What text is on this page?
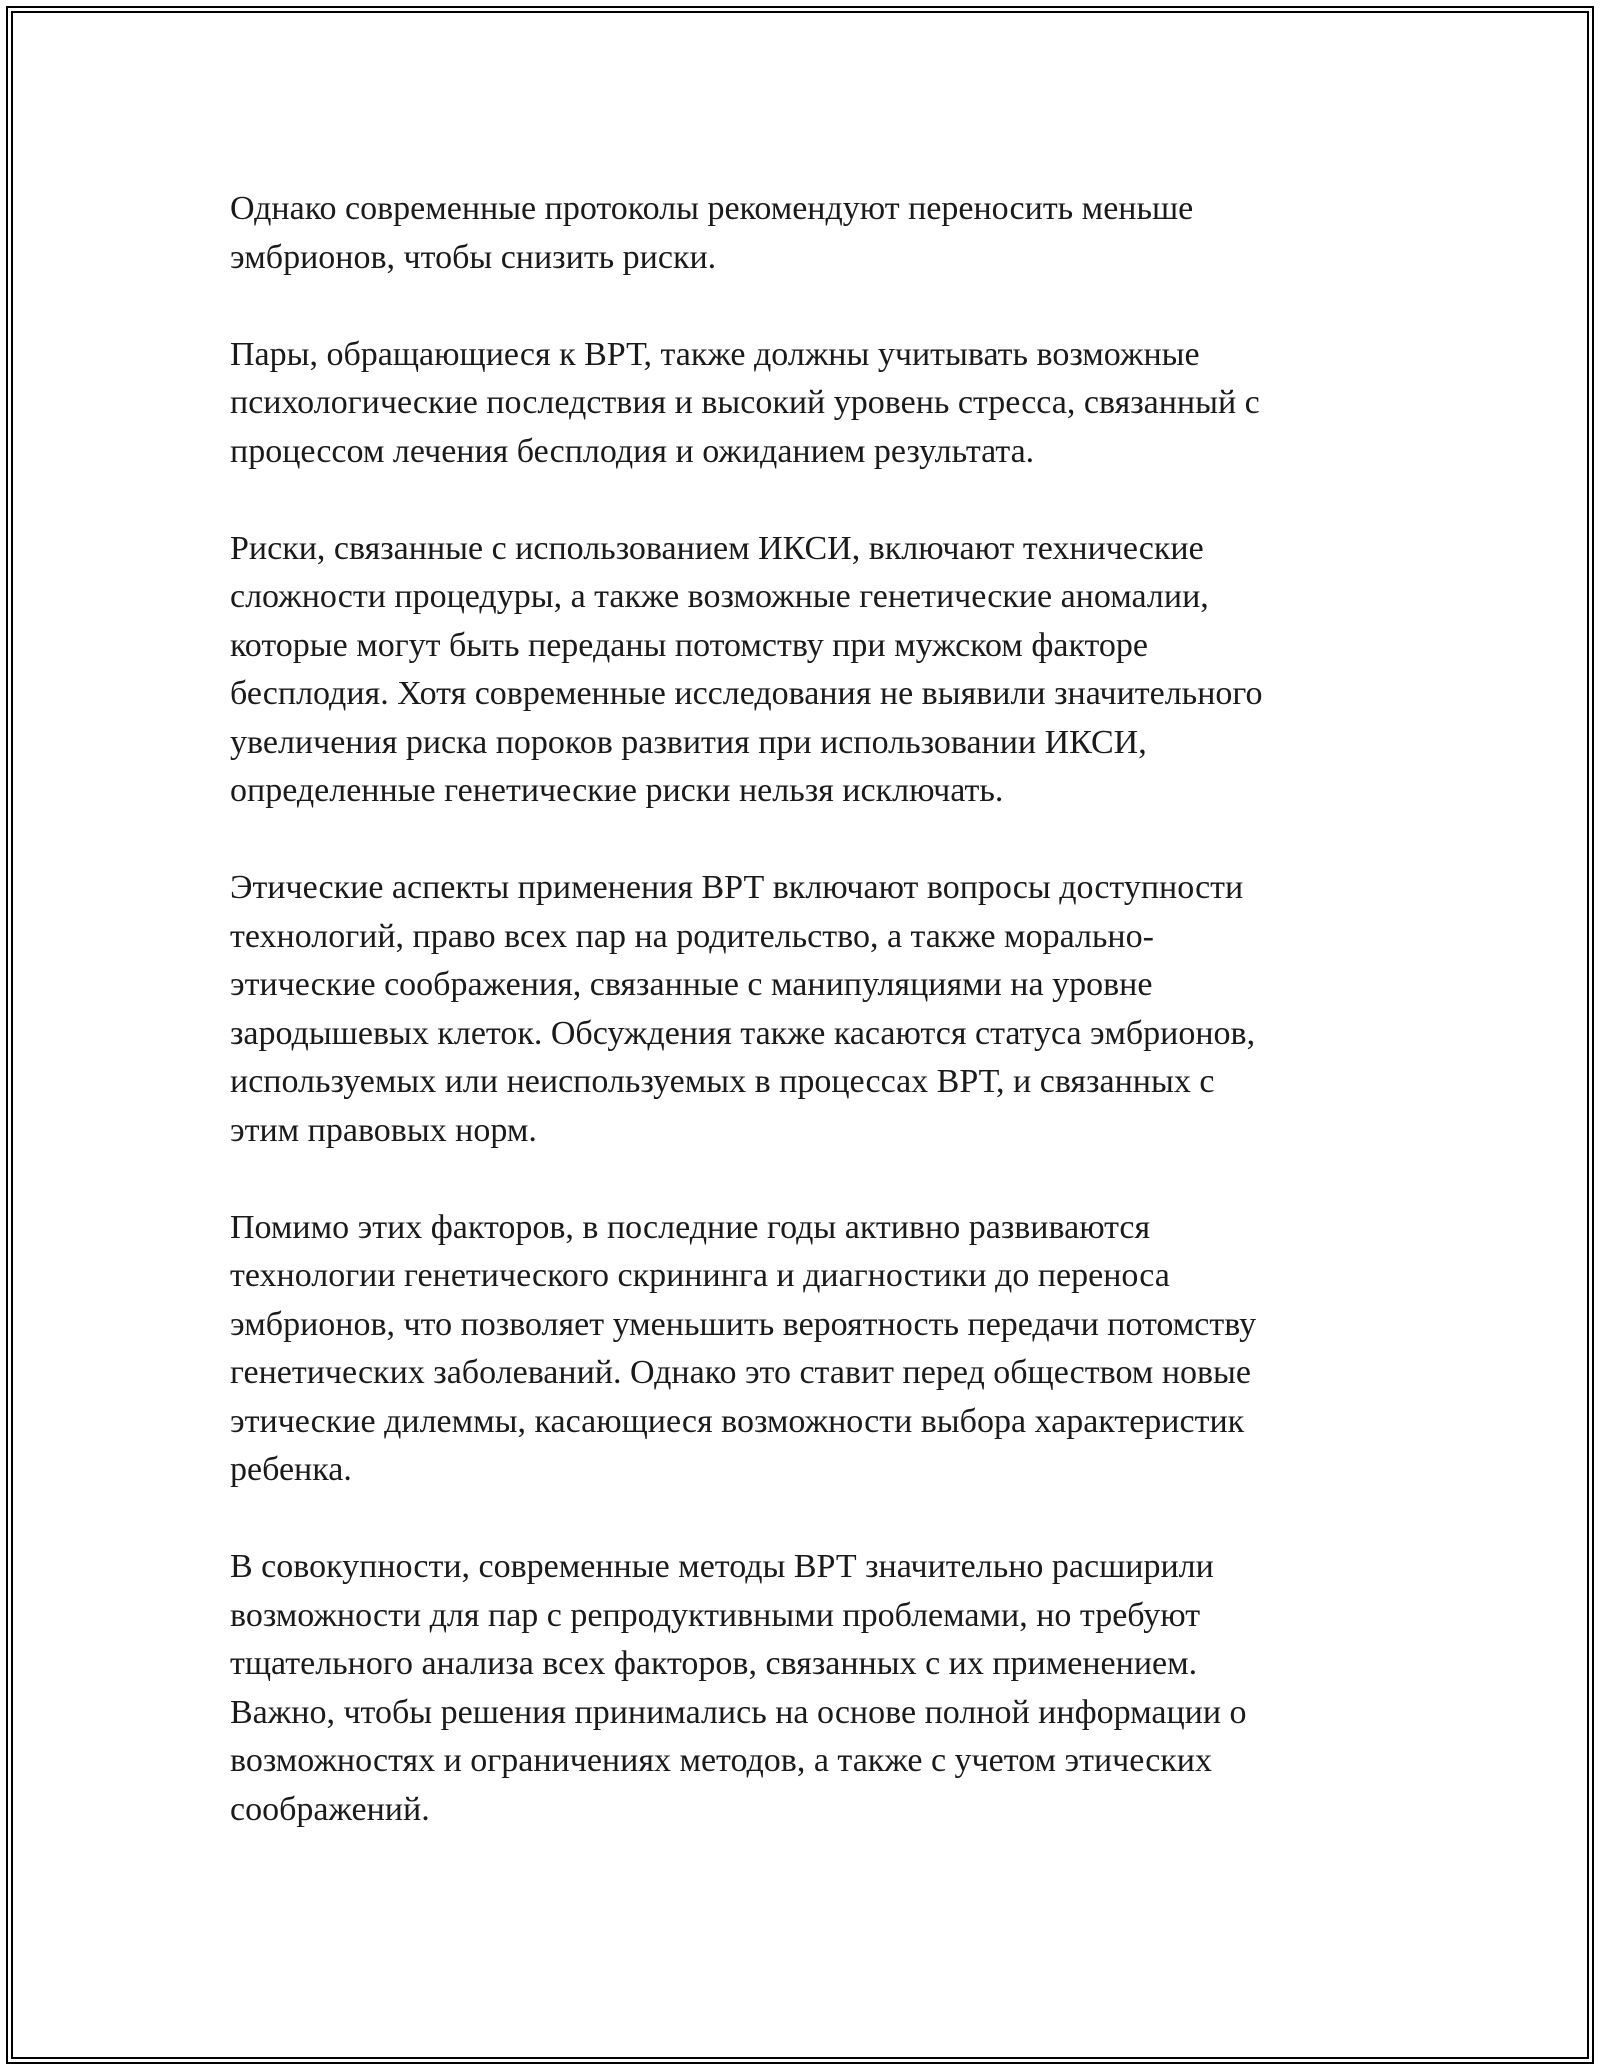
Однако современные протоколы рекомендуют переносить меньше
эмбрионов, чтобы снизить риски.

Пары, обращающиеся к ВРТ, также должны учитывать возможные
психологические последствия и высокий уровень стресса, связанный с
процессом лечения бесплодия и ожиданием результата.

Риски, связанные с использованием ИКСИ, включают технические
сложности процедуры, а также возможные генетические аномалии,
которые могут быть переданы потомству при мужском факторе
бесплодия. Хотя современные исследования не выявили значительного
увеличения риска пороков развития при использовании ИКСИ,
определенные генетические риски нельзя исключать.

Этические аспекты применения ВРТ включают вопросы доступности
технологий, право всех пар на родительство, а также морально-
этические соображения, связанные с манипуляциями на уровне
зародышевых клеток. Обсуждения также касаются статуса эмбрионов,
используемых или неиспользуемых в процессах ВРТ, и связанных с
этим правовых норм.

Помимо этих факторов, в последние годы активно развиваются
технологии генетического скрининга и диагностики до переноса
эмбрионов, что позволяет уменьшить вероятность передачи потомству
генетических заболеваний. Однако это ставит перед обществом новые
этические дилеммы, касающиеся возможности выбора характеристик
ребенка.

В совокупности, современные методы ВРТ значительно расширили
возможности для пар с репродуктивными проблемами, но требуют
тщательного анализа всех факторов, связанных с их применением.
Важно, чтобы решения принимались на основе полной информации о
возможностях и ограничениях методов, а также с учетом этических
соображений.
